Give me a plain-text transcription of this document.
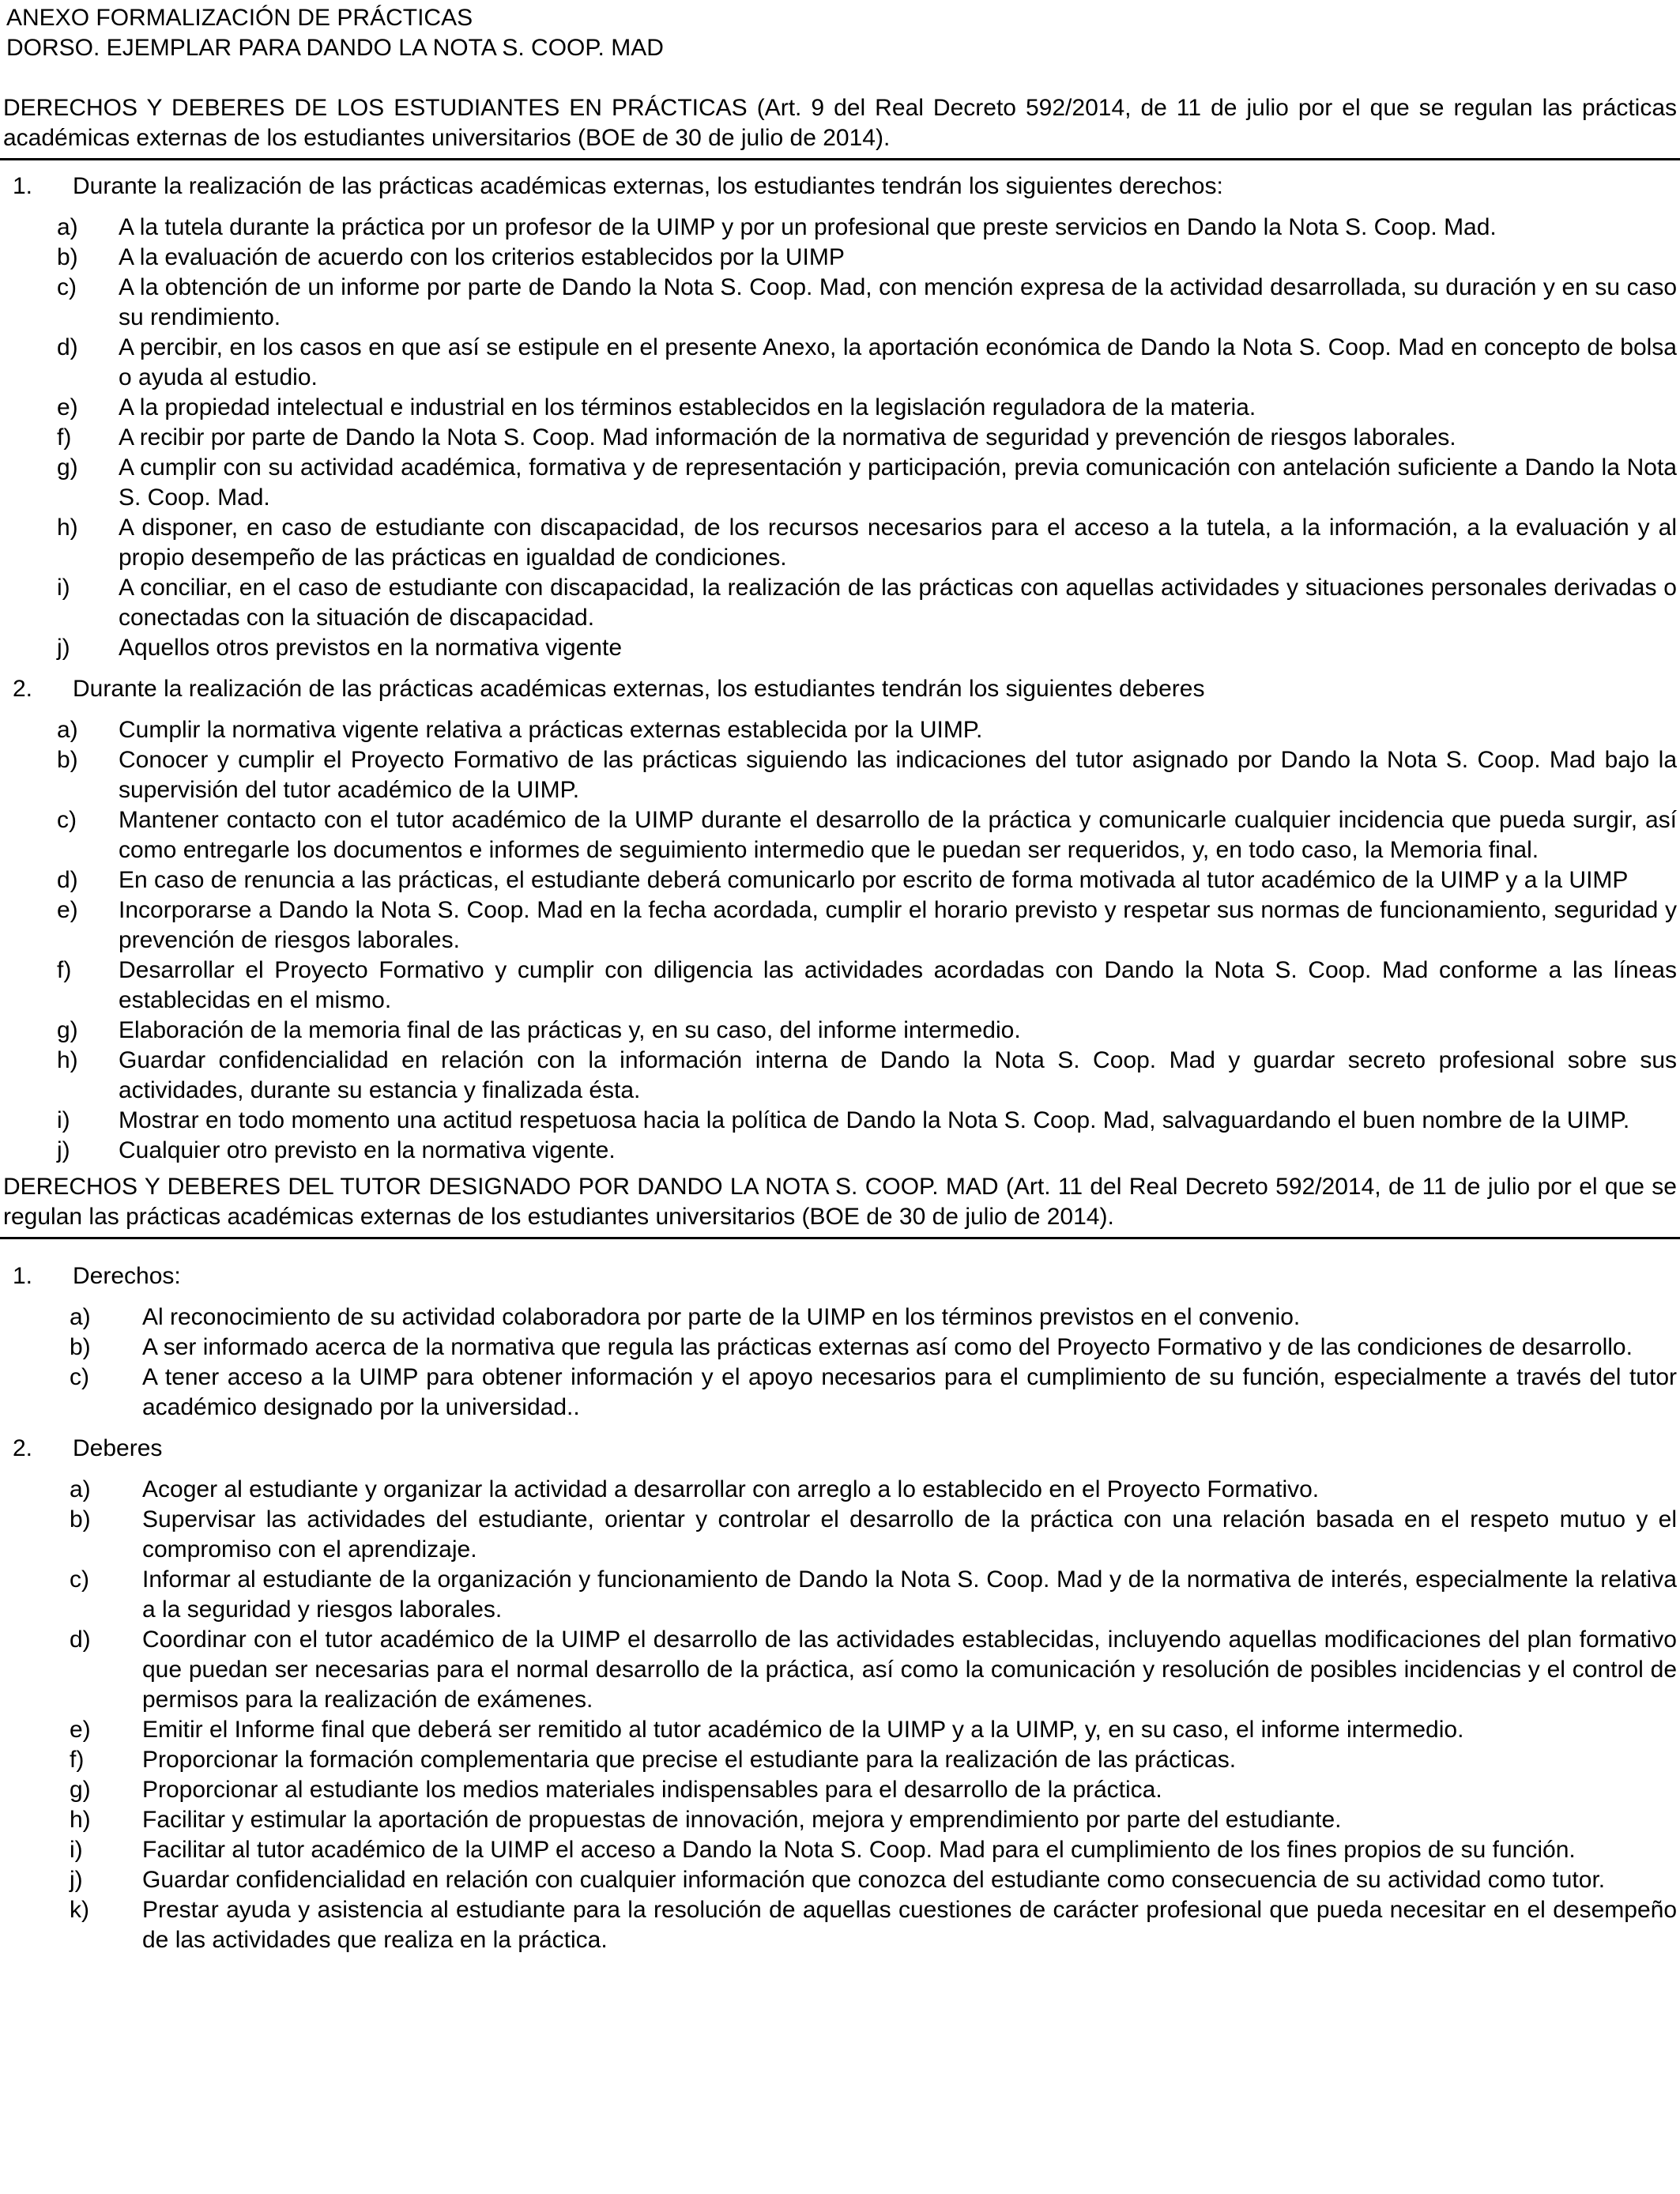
ANEXO FORMALIZACIÓN DE PRÁCTICAS
DORSO. EJEMPLAR PARA DANDO LA NOTA S. COOP. MAD
DERECHOS Y DEBERES DE LOS ESTUDIANTES EN PRÁCTICAS (Art. 9 del Real Decreto 592/2014, de 11 de julio por el que se regulan las prácticas académicas externas de los estudiantes universitarios (BOE de 30 de julio de 2014).
1.	Durante la realización de las prácticas académicas externas, los estudiantes tendrán los siguientes derechos:
a)	A la tutela durante la práctica por un profesor de la UIMP y por un profesional que preste servicios en Dando la Nota S. Coop. Mad.
b)	A la evaluación de acuerdo con los criterios establecidos por la UIMP
c)	A la obtención de un informe por parte de Dando la Nota S. Coop. Mad, con mención expresa de la actividad desarrollada, su duración y en su caso su rendimiento.
d)	A percibir, en los casos en que así se estipule en el presente Anexo, la aportación económica de Dando la Nota S. Coop. Mad en concepto de bolsa o ayuda al estudio.
e)	A la propiedad intelectual e industrial en los términos establecidos en la legislación reguladora de la materia.
f)	A recibir por parte de Dando la Nota S. Coop. Mad información de la normativa de seguridad y prevención de riesgos laborales.
g)	A cumplir con su actividad académica, formativa y de representación y participación, previa comunicación con antelación suficiente a Dando la Nota S. Coop. Mad.
h)	A disponer, en caso de estudiante con discapacidad, de los recursos necesarios para el acceso a la tutela, a la información, a la evaluación y al propio desempeño de las prácticas en igualdad de condiciones.
i)	A conciliar, en el caso de estudiante con discapacidad, la realización de las prácticas con aquellas actividades y situaciones personales derivadas o conectadas con la situación de discapacidad.
j)	Aquellos otros previstos en la normativa vigente
2.	Durante la realización de las prácticas académicas externas, los estudiantes tendrán los siguientes deberes
a)	Cumplir la normativa vigente relativa a prácticas externas establecida por la UIMP.
b)	Conocer y cumplir el Proyecto Formativo de las prácticas siguiendo las indicaciones del tutor asignado por Dando la Nota S. Coop. Mad bajo la supervisión del tutor académico de la UIMP.
c)	Mantener contacto con el tutor académico de la UIMP durante el desarrollo de la práctica y comunicarle cualquier incidencia que pueda surgir, así como entregarle los documentos e informes de seguimiento intermedio que le puedan ser requeridos, y, en todo caso, la Memoria final.
d)	En caso de renuncia a las prácticas, el estudiante deberá comunicarlo por escrito de forma motivada al tutor académico de la UIMP y a la UIMP
e)	Incorporarse a Dando la Nota S. Coop. Mad en la fecha acordada, cumplir el horario previsto y respetar sus normas de funcionamiento, seguridad y prevención de riesgos laborales.
f)	Desarrollar el Proyecto Formativo y cumplir con diligencia las actividades acordadas con Dando la Nota S. Coop. Mad conforme a las líneas establecidas en el mismo.
g)	Elaboración de la memoria final de las prácticas y, en su caso, del informe intermedio.
h)	Guardar confidencialidad en relación con la información interna de Dando la Nota S. Coop. Mad y guardar secreto profesional sobre sus actividades, durante su estancia y finalizada ésta.
i)	Mostrar en todo momento una actitud respetuosa hacia la política de Dando la Nota S. Coop. Mad, salvaguardando el buen nombre de la UIMP.
j)	Cualquier otro previsto en la normativa vigente.
DERECHOS Y DEBERES DEL TUTOR DESIGNADO POR DANDO LA NOTA S. COOP. MAD (Art. 11 del Real Decreto 592/2014, de 11 de julio por el que se regulan las prácticas académicas externas de los estudiantes universitarios (BOE de 30 de julio de 2014).
1.	Derechos:
a)	Al reconocimiento de su actividad colaboradora por parte de la UIMP en los términos previstos en el convenio.
b)	A ser informado acerca de la normativa que regula las prácticas externas así como del Proyecto Formativo y de las condiciones de desarrollo.
c)	A tener acceso a la UIMP para obtener información y el apoyo necesarios para el cumplimiento de su función, especialmente a través del tutor académico designado por la universidad..
2.	Deberes
a)	Acoger al estudiante y organizar la actividad a desarrollar con arreglo a lo establecido en el Proyecto Formativo.
b)	Supervisar las actividades del estudiante, orientar y controlar el desarrollo de la práctica con una relación basada en el respeto mutuo y el compromiso con el aprendizaje.
c)	Informar al estudiante de la organización y funcionamiento de Dando la Nota S. Coop. Mad y de la normativa de interés, especialmente la relativa a la seguridad y riesgos laborales.
d)	Coordinar con el tutor académico de la UIMP el desarrollo de las actividades establecidas, incluyendo aquellas modificaciones del plan formativo que puedan ser necesarias para el normal desarrollo de la práctica, así como la comunicación y resolución de posibles incidencias y el control de permisos para la realización de exámenes.
e)	Emitir el Informe final que deberá ser remitido al tutor académico de la UIMP y a la UIMP, y, en su caso, el informe intermedio.
f)	Proporcionar la formación complementaria que precise el estudiante para la realización de las prácticas.
g)	Proporcionar al estudiante los medios materiales indispensables para el desarrollo de la práctica.
h)	Facilitar y estimular la aportación de propuestas de innovación, mejora y emprendimiento por parte del estudiante.
i)	Facilitar al tutor académico de la UIMP el acceso a Dando la Nota S. Coop. Mad para el cumplimiento de los fines propios de su función.
j)	Guardar confidencialidad en relación con cualquier información que conozca del estudiante como consecuencia de su actividad como tutor.
k)	Prestar ayuda y asistencia al estudiante para la resolución de aquellas cuestiones de carácter profesional que pueda necesitar en el desempeño de las actividades que realiza en la práctica.
